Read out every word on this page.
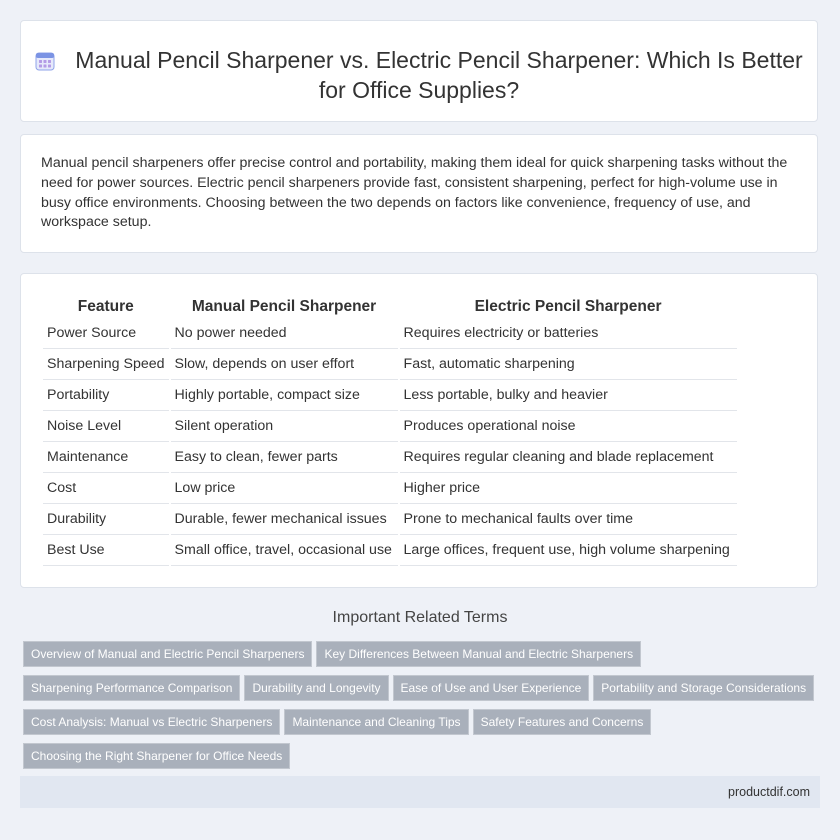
Manual Pencil Sharpener vs. Electric Pencil Sharpener: Which Is Better for Office Supplies?

Manual pencil sharpeners offer precise control and portability, making them ideal for quick sharpening tasks without the need for power sources. Electric pencil sharpeners provide fast, consistent sharpening, perfect for high-volume use in busy office environments. Choosing between the two depends on factors like convenience, frequency of use, and workspace setup.

Feature	Manual Pencil Sharpener	Electric Pencil Sharpener
Power Source	No power needed	Requires electricity or batteries
Sharpening Speed	Slow, depends on user effort	Fast, automatic sharpening
Portability	Highly portable, compact size	Less portable, bulky and heavier
Noise Level	Silent operation	Produces operational noise
Maintenance	Easy to clean, fewer parts	Requires regular cleaning and blade replacement
Cost	Low price	Higher price
Durability	Durable, fewer mechanical issues	Prone to mechanical faults over time
Best Use	Small office, travel, occasional use	Large offices, frequent use, high volume sharpening
Important Related Terms
Overview of Manual and Electric Pencil Sharpeners Key Differences Between Manual and Electric Sharpeners
Sharpening Performance Comparison Durability and Longevity Ease of Use and User Experience Portability and Storage Considerations
Cost Analysis: Manual vs Electric Sharpeners Maintenance and Cleaning Tips Safety Features and Concerns
Choosing the Right Sharpener for Office Needs
productdif.com
